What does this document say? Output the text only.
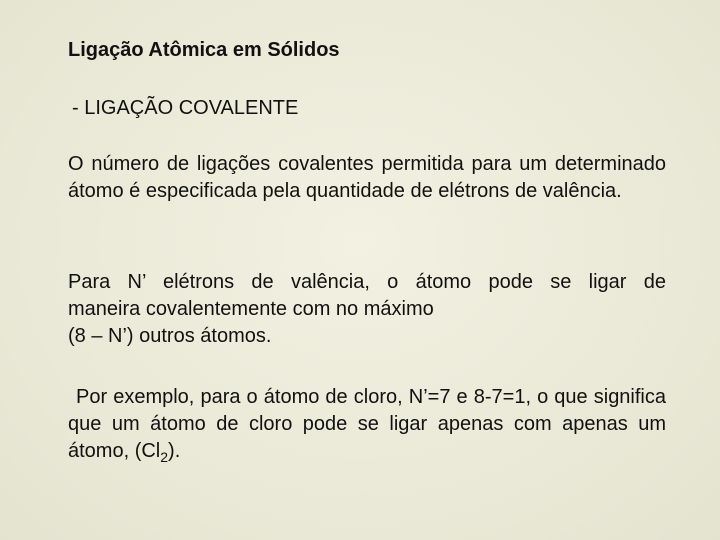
Ligação Atômica em Sólidos
- LIGAÇÃO COVALENTE

O número de ligações covalentes permitida para um determinado átomo é especificada pela quantidade de elétrons de valência.

Para N’ elétrons de valência, o átomo pode se ligar de
maneira covalentemente com no máximo
(8 – N’) outros átomos.

Por exemplo, para o átomo de cloro, N’=7 e 8-7=1, o que significa que um átomo de cloro pode se ligar apenas com apenas um átomo, $(Cl_2)$.
